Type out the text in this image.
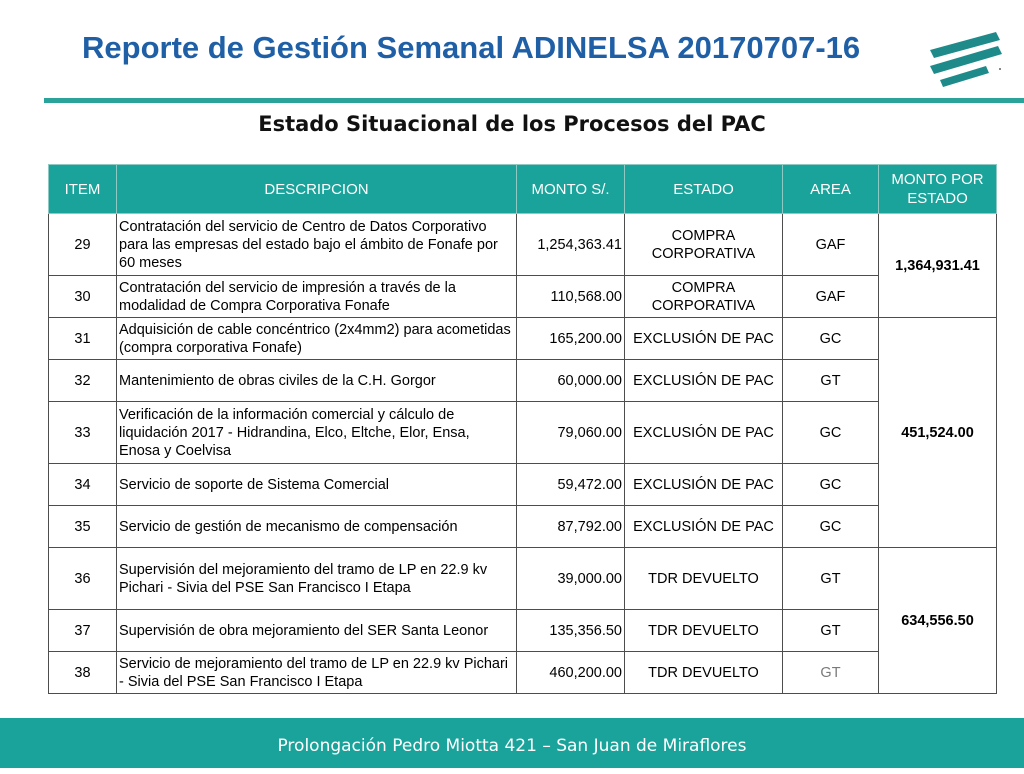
Reporte de Gestión Semanal ADINELSA 20170707-16
Estado Situacional de los Procesos del PAC
ITEM	DESCRIPCION	MONTO S/.	ESTADO	AREA	MONTO POR ESTADO
29	Contratación del servicio de Centro de Datos Corporativo para las empresas del estado bajo el ámbito de Fonafe por 60 meses	1,254,363.41	COMPRA CORPORATIVA	GAF	1,364,931.41
30	Contratación del servicio de impresión a través de la modalidad de Compra Corporativa Fonafe	110,568.00	COMPRA CORPORATIVA	GAF	
31	Adquisición de cable concéntrico (2x4mm2) para acometidas (compra corporativa Fonafe)	165,200.00	EXCLUSIÓN DE PAC	GC	451,524.00
32	Mantenimiento de obras civiles de la C.H. Gorgor	60,000.00	EXCLUSIÓN DE PAC	GT	
33	Verificación de la información comercial y cálculo de liquidación 2017 - Hidrandina, Elco, Eltche, Elor, Ensa, Enosa y Coelvisa	79,060.00	EXCLUSIÓN DE PAC	GC	
34	Servicio de soporte de Sistema Comercial	59,472.00	EXCLUSIÓN DE PAC	GC	
35	Servicio de gestión de mecanismo de compensación	87,792.00	EXCLUSIÓN DE PAC	GC	
36	Supervisión del mejoramiento del tramo de LP en 22.9 kv Pichari - Sivia del PSE San Francisco I Etapa	39,000.00	TDR DEVUELTO	GT	634,556.50
37	Supervisión de obra mejoramiento del SER Santa Leonor	135,356.50	TDR DEVUELTO	GT	
38	Servicio de mejoramiento del tramo de LP en 22.9 kv Pichari - Sivia del PSE San Francisco I Etapa	460,200.00	TDR DEVUELTO	GT	
Prolongación Pedro Miotta 421 – San Juan de Miraflores
